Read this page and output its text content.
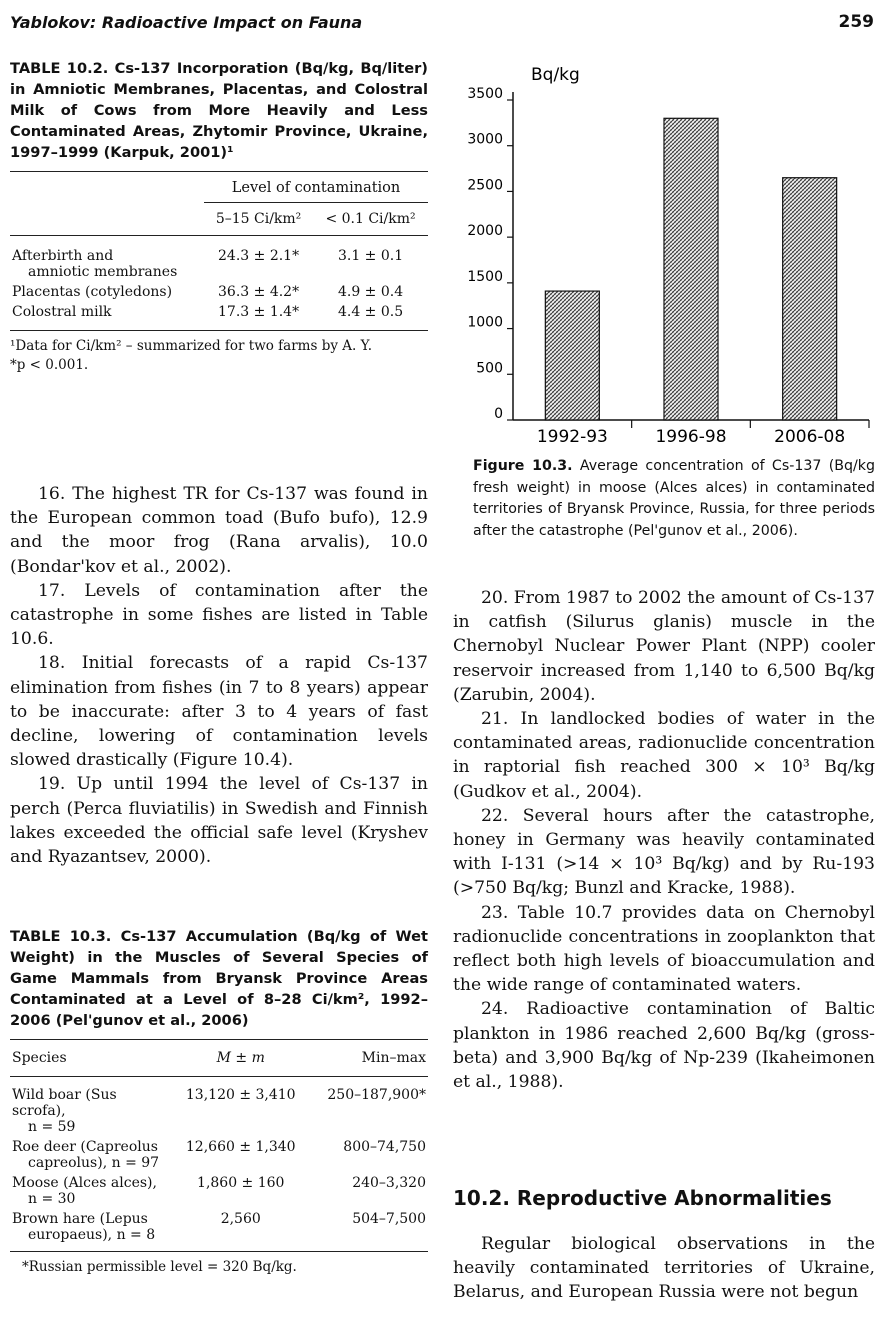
Yablokov: Radioactive Impact on Fauna	259
TABLE 10.2. Cs-137 Incorporation (Bq/kg, Bq/liter) in Amniotic Membranes, Placentas, and Colostral Milk of Cows from More Heavily and Less Contaminated Areas, Zhytomir Province, Ukraine, 1997–1999 (Karpuk, 2001)¹
	Level of contamination	
	5–15 Ci/km²	< 0.1 Ci/km²

Afterbirth and
amniotic membranes	24.3 ± 2.1*	3.1 ± 0.1
Placentas (cotyledons)	36.3 ± 4.2*	4.9 ± 0.4
Colostral milk	17.3 ± 1.4*	4.4 ± 0.5
¹Data for Ci/km² – summarized for two farms by A. Y.
*p < 0.001.

16. The highest TR for Cs-137 was found in the European common toad (Bufo bufo), 12.9 and the moor frog (Rana arvalis), 10.0 (Bondar'kov et al., 2002).

17. Levels of contamination after the catastrophe in some fishes are listed in Table 10.6.

18. Initial forecasts of a rapid Cs-137 elimination from fishes (in 7 to 8 years) appear to be inaccurate: after 3 to 4 years of fast decline, lowering of contamination levels slowed drastically (Figure 10.4).

19. Up until 1994 the level of Cs-137 in perch (Perca fluviatilis) in Swedish and Finnish lakes exceeded the official safe level (Kryshev and Ryazantsev, 2000).

TABLE 10.3. Cs-137 Accumulation (Bq/kg of Wet Weight) in the Muscles of Several Species of Game Mammals from Bryansk Province Areas Contaminated at a Level of 8–28 Ci/km², 1992–2006 (Pel'gunov et al., 2006)
Species	M ± m	Min–max

Wild boar (Sus scrofa),
n = 59	13,120 ± 3,410	250–187,900*

Roe deer (Capreolus
capreolus), n = 97	12,660 ± 1,340	800–74,750

Moose (Alces alces),
n = 30	1,860 ± 160	240–3,320

Brown hare (Lepus
europaeus), n = 8	2,560	504–7,500
*Russian permissible level = 320 Bq/kg.
Bq/kg
0
500
1000
1500
2000
2500
3000
3500
1992-93	1996-98	2006-08
Figure 10.3. Average concentration of Cs-137 (Bq/kg fresh weight) in moose (Alces alces) in contaminated territories of Bryansk Province, Russia, for three periods after the catastrophe (Pel'gunov et al., 2006).

20. From 1987 to 2002 the amount of Cs-137 in catfish (Silurus glanis) muscle in the Chernobyl Nuclear Power Plant (NPP) cooler reservoir increased from 1,140 to 6,500 Bq/kg (Zarubin, 2004).

21. In landlocked bodies of water in the contaminated areas, radionuclide concentration in raptorial fish reached 300 × 10³ Bq/kg (Gudkov et al., 2004).

22. Several hours after the catastrophe, honey in Germany was heavily contaminated with I-131 (>14 × 10³ Bq/kg) and by Ru-193 (>750 Bq/kg; Bunzl and Kracke, 1988).

23. Table 10.7 provides data on Chernobyl radionuclide concentrations in zooplankton that reflect both high levels of bioaccumulation and the wide range of contaminated waters.

24. Radioactive contamination of Baltic plankton in 1986 reached 2,600 Bq/kg (gross-beta) and 3,900 Bq/kg of Np-239 (Ikaheimonen et al., 1988).

10.2. Reproductive Abnormalities

Regular biological observations in the heavily contaminated territories of Ukraine, Belarus, and European Russia were not begun
